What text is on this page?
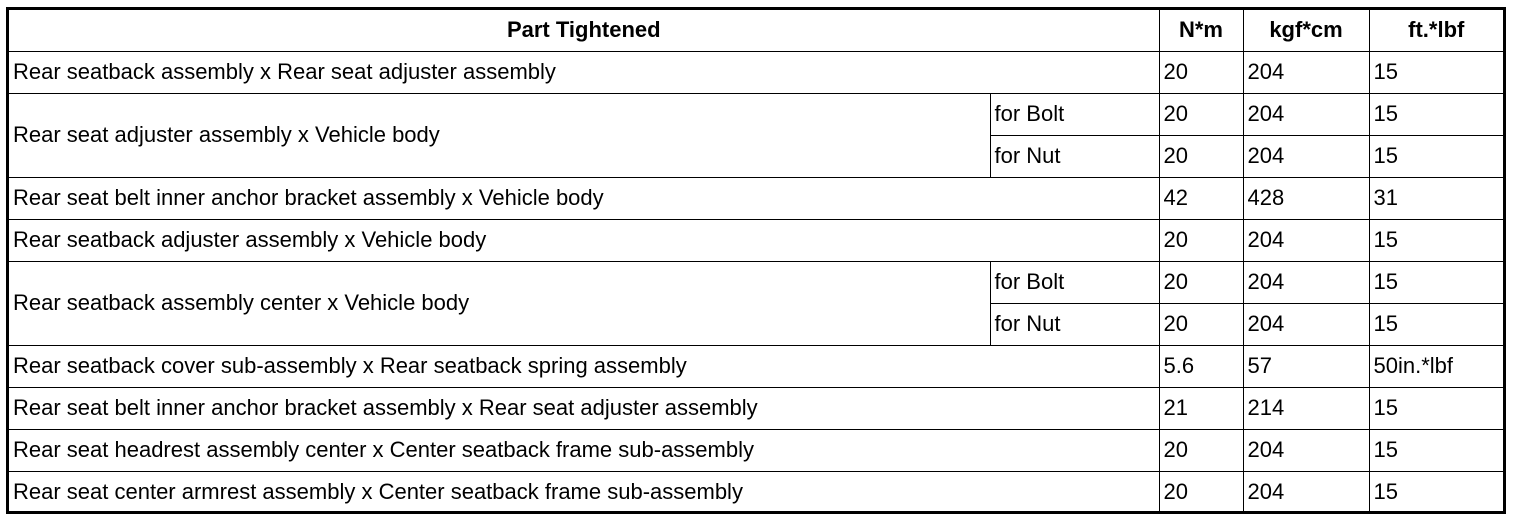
Part Tightened		N*m	kgf*cm	ft.*lbf
Rear seatback assembly x Rear seat adjuster assembly		20	204	15
Rear seat adjuster assembly x Vehicle body	for Bolt	20	204	15
	for Nut	20	204	15
Rear seat belt inner anchor bracket assembly x Vehicle body		42	428	31
Rear seatback adjuster assembly x Vehicle body		20	204	15
Rear seatback assembly center x Vehicle body	for Bolt	20	204	15
	for Nut	20	204	15
Rear seatback cover sub-assembly x Rear seatback spring assembly		5.6	57	50in.*lbf
Rear seat belt inner anchor bracket assembly x Rear seat adjuster assembly		21	214	15
Rear seat headrest assembly center x Center seatback frame sub-assembly		20	204	15
Rear seat center armrest assembly x Center seatback frame sub-assembly		20	204	15
